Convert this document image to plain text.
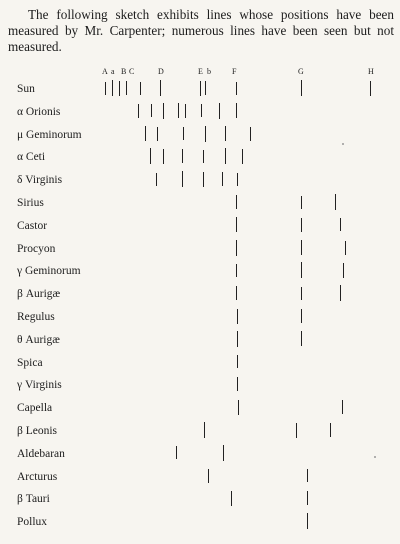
The following sketch exhibits lines whose positions have been measured by Mr. Carpenter; numerous lines have been seen but not measured.

A a B C	D	E b	F	G	H
Sun
α Orionis
μ Geminorum
α Ceti
δ Virginis
Sirius
Castor
Procyon
γ Geminorum
β Aurigæ
Regulus
θ Aurigæ
Spica
γ Virginis
Capella
β Leonis
Aldebaran
Arcturus
β Tauri
Pollux
